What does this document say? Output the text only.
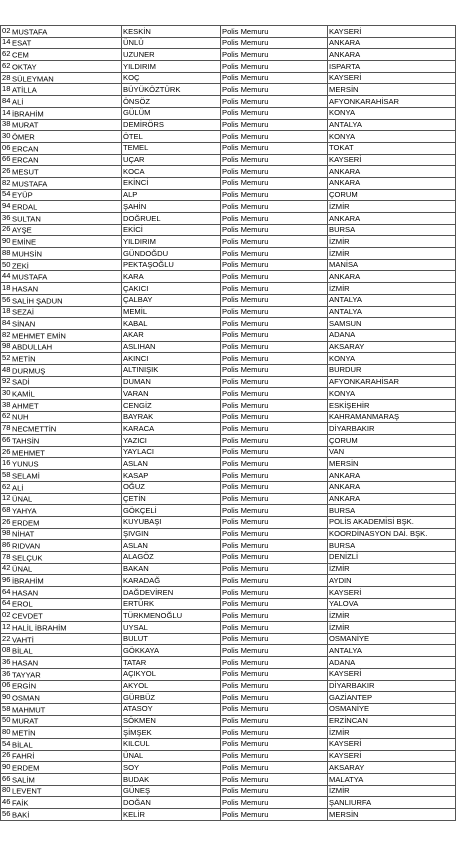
02 MUSTAFA	KESKİN	Polis Memuru	KAYSERİ
14 ESAT	ÜNLÜ	Polis Memuru	ANKARA
62 CEM	UZUNER	Polis Memuru	ANKARA
62 OKTAY	YILDIRIM	Polis Memuru	ISPARTA
28 SÜLEYMAN	KOÇ	Polis Memuru	KAYSERİ
18 ATİLLA	BÜYÜKÖZTÜRK	Polis Memuru	MERSİN
84 ALİ	ÖNSÖZ	Polis Memuru	AFYONKARAHİSAR
14 İBRAHİM	GÜLÜM	Polis Memuru	KONYA
38 MURAT	DEMİRÖRS	Polis Memuru	ANTALYA
30 ÖMER	ÖTEL	Polis Memuru	KONYA
06 ERCAN	TEMEL	Polis Memuru	TOKAT
66 ERCAN	UÇAR	Polis Memuru	KAYSERİ
26 MESUT	KOCA	Polis Memuru	ANKARA
82 MUSTAFA	EKİNCİ	Polis Memuru	ANKARA
54 EYÜP	ALP	Polis Memuru	ÇORUM
94 ERDAL	ŞAHİN	Polis Memuru	İZMİR
36 SULTAN	DOĞRUEL	Polis Memuru	ANKARA
26 AYŞE	EKİCİ	Polis Memuru	BURSA
90 EMİNE	YILDIRIM	Polis Memuru	İZMİR
88 MUHSİN	GÜNDOĞDU	Polis Memuru	İZMİR
50 ZEKİ	PEKTAŞOĞLU	Polis Memuru	MANİSA
44 MUSTAFA	KARA	Polis Memuru	ANKARA
18 HASAN	ÇAKICI	Polis Memuru	İZMİR
56 SALİH ŞADUN	ÇALBAY	Polis Memuru	ANTALYA
18 SEZAİ	MEMİL	Polis Memuru	ANTALYA
84 SİNAN	KABAL	Polis Memuru	SAMSUN
82 MEHMET EMİN	AKAR	Polis Memuru	ADANA
98 ABDULLAH	ASLIHAN	Polis Memuru	AKSARAY
52 METİN	AKINCI	Polis Memuru	KONYA
48 DURMUŞ	ALTINIŞIK	Polis Memuru	BURDUR
92 SADİ	DUMAN	Polis Memuru	AFYONKARAHİSAR
30 KAMİL	VARAN	Polis Memuru	KONYA
38 AHMET	CENGİZ	Polis Memuru	ESKİŞEHİR
62 NUH	BAYRAK	Polis Memuru	KAHRAMANMARAŞ
78 NECMETTİN	KARACA	Polis Memuru	DİYARBAKIR
66 TAHSİN	YAZICI	Polis Memuru	ÇORUM
26 MEHMET	YAYLACI	Polis Memuru	VAN
16 YUNUS	ASLAN	Polis Memuru	MERSİN
58 SELAMİ	KASAP	Polis Memuru	ANKARA
62 ALİ	OĞUZ	Polis Memuru	ANKARA
12 ÜNAL	ÇETİN	Polis Memuru	ANKARA
68 YAHYA	GÖKÇELİ	Polis Memuru	BURSA
26 ERDEM	KUYUBAŞI	Polis Memuru	POLİS AKADEMİSİ BŞK.
98 NİHAT	ŞIVGIN	Polis Memuru	KOORDİNASYON DAİ. BŞK.
86 RIDVAN	ASLAN	Polis Memuru	BURSA
78 SELÇUK	ALAGÖZ	Polis Memuru	DENİZLİ
42 ÜNAL	BAKAN	Polis Memuru	İZMİR
96 İBRAHİM	KARADAĞ	Polis Memuru	AYDIN
64 HASAN	DAĞDEVİREN	Polis Memuru	KAYSERİ
64 EROL	ERTÜRK	Polis Memuru	YALOVA
02 CEVDET	TÜRKMENOĞLU	Polis Memuru	İZMİR
12 HALİL İBRAHİM	UYSAL	Polis Memuru	İZMİR
22 VAHTİ	BULUT	Polis Memuru	OSMANİYE
08 BİLAL	GÖKKAYA	Polis Memuru	ANTALYA
36 HASAN	TATAR	Polis Memuru	ADANA
36 TAYYAR	AÇIKYOL	Polis Memuru	KAYSERİ
06 ERGİN	AKYOL	Polis Memuru	DİYARBAKIR
90 OSMAN	GÜRBÜZ	Polis Memuru	GAZİANTEP
58 MAHMUT	ATASOY	Polis Memuru	OSMANİYE
50 MURAT	SÖKMEN	Polis Memuru	ERZİNCAN
80 METİN	ŞİMŞEK	Polis Memuru	İZMİR
54 BİLAL	KILCUL	Polis Memuru	KAYSERİ
26 FAHRİ	ÜNAL	Polis Memuru	KAYSERİ
90 ERDEM	SOY	Polis Memuru	AKSARAY
66 SALİM	BUDAK	Polis Memuru	MALATYA
80 LEVENT	GÜNEŞ	Polis Memuru	İZMİR
46 FAİK	DOĞAN	Polis Memuru	ŞANLIURFA
56 BAKİ	KELİR	Polis Memuru	MERSİN
